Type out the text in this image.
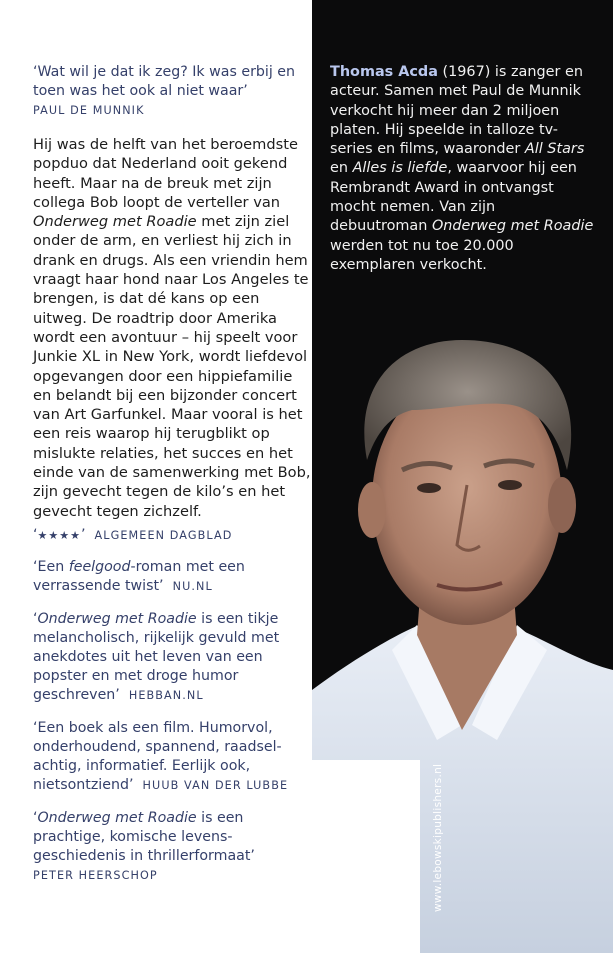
‘Wat wil je dat ik zeg? Ik was erbij en toen was het ook al niet waar’
PAUL DE MUNNIK
Hij was de helft van het beroemdste popduo dat Nederland ooit gekend heeft. Maar na de breuk met zijn collega Bob loopt de verteller van Onderweg met Roadie met zijn ziel onder de arm, en verliest hij zich in drank en drugs. Als een vriendin hem vraagt haar hond naar Los Angeles te brengen, is dat dé kans op een uitweg. De roadtrip door Amerika wordt een avontuur – hij speelt voor Junkie XL in New York, wordt liefdevol opgevangen door een hippiefamilie en belandt bij een bijzonder concert van Art Garfunkel. Maar vooral is het een reis waarop hij terugblikt op mislukte relaties, het succes en het einde van de samenwerking met Bob, zijn gevecht tegen de kilo’s en het gevecht tegen zichzelf.
‘★★★★’ ALGEMEEN DAGBLAD
‘Een feelgood-roman met een verrassende twist’ NU.NL
‘Onderweg met Roadie is een tikje melancholisch, rijkelijk gevuld met anekdotes uit het leven van een popster en met droge humor geschreven’ HEBBAN.NL
‘Een boek als een film. Humorvol, onderhoudend, spannend, raadsel-achtig, informatief. Eerlijk ook, nietsontziend’ HUUB VAN DER LUBBE
‘Onderweg met Roadie is een prachtige, komische levens-geschiedenis in thrillerformaat’
PETER HEERSCHOP
Thomas Acda (1967) is zanger en acteur. Samen met Paul de Munnik verkocht hij meer dan 2 miljoen platen. Hij speelde in talloze tv-series en films, waaronder All Stars en Alles is liefde, waarvoor hij een Rembrandt Award in ontvangst mocht nemen. Van zijn debuutroman Onderweg met Roadie werden tot nu toe 20.000 exemplaren verkocht.
www.lebowskipublishers.nl
